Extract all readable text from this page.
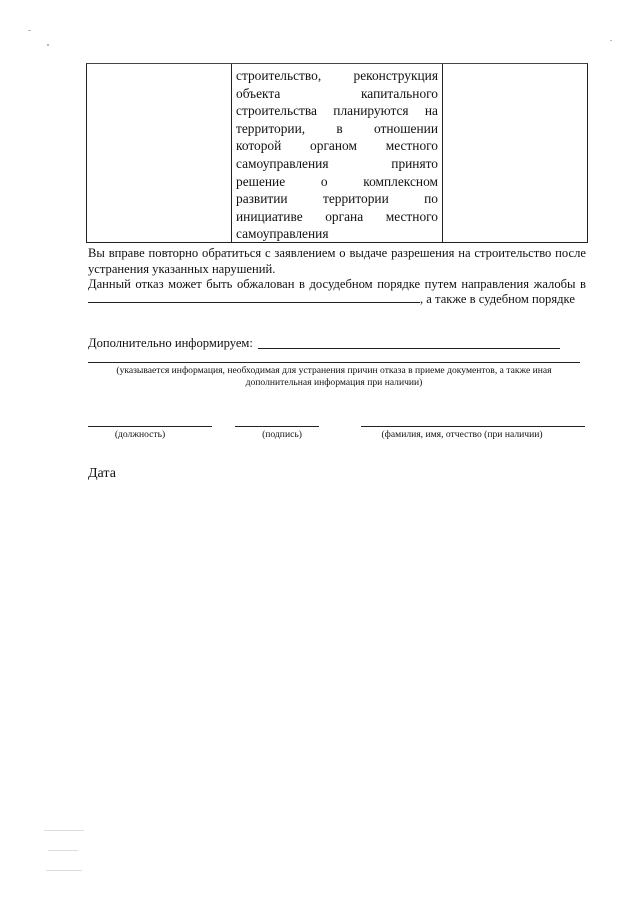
строительство, реконструкция
объекта капитального
строительства планируются на
территории, в отношении
которой органом местного
самоуправления принято
решение о комплексном
развитии территории по
инициативе органа местного
самоуправления
Вы вправе повторно обратиться с заявлением о выдаче разрешения на строительство после
устранения указанных нарушений.
Данный отказ может быть обжалован в досудебном порядке путем направления жалобы в
, а также в судебном порядке
Дополнительно информируем:
(указывается информация, необходимая для устранения причин отказа в приеме документов, а также иная
дополнительная информация при наличии)
(должность)	(подпись)	(фамилия, имя, отчество (при наличии)
Дата
